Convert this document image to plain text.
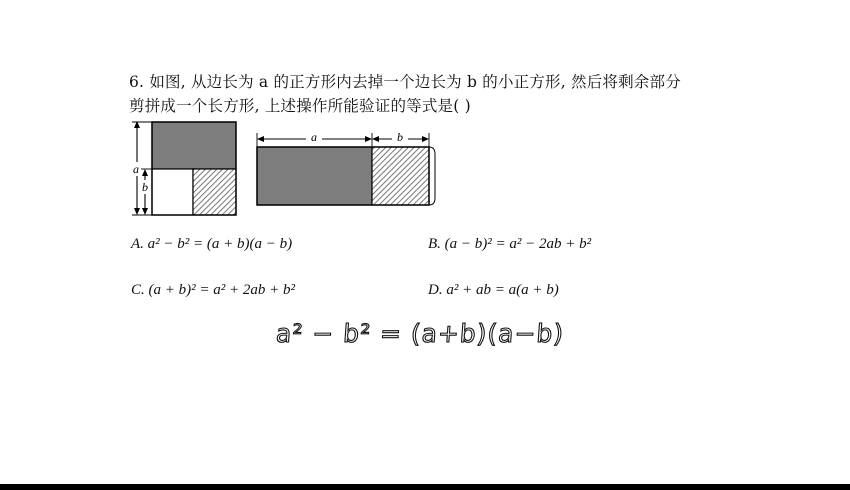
6. 如图, 从边长为 a 的正方形内去掉一个边长为 b 的小正方形, 然后将剩余部分
剪拼成一个长方形, 上述操作所能验证的等式是( )
a
b
a	b
A. a² − b² = (a + b)(a − b)	B. (a − b)² = a² − 2ab + b²
C. (a + b)² = a² + 2ab + b²	D. a² + ab = a(a + b)
a² − b² = (a+b)(a−b)
